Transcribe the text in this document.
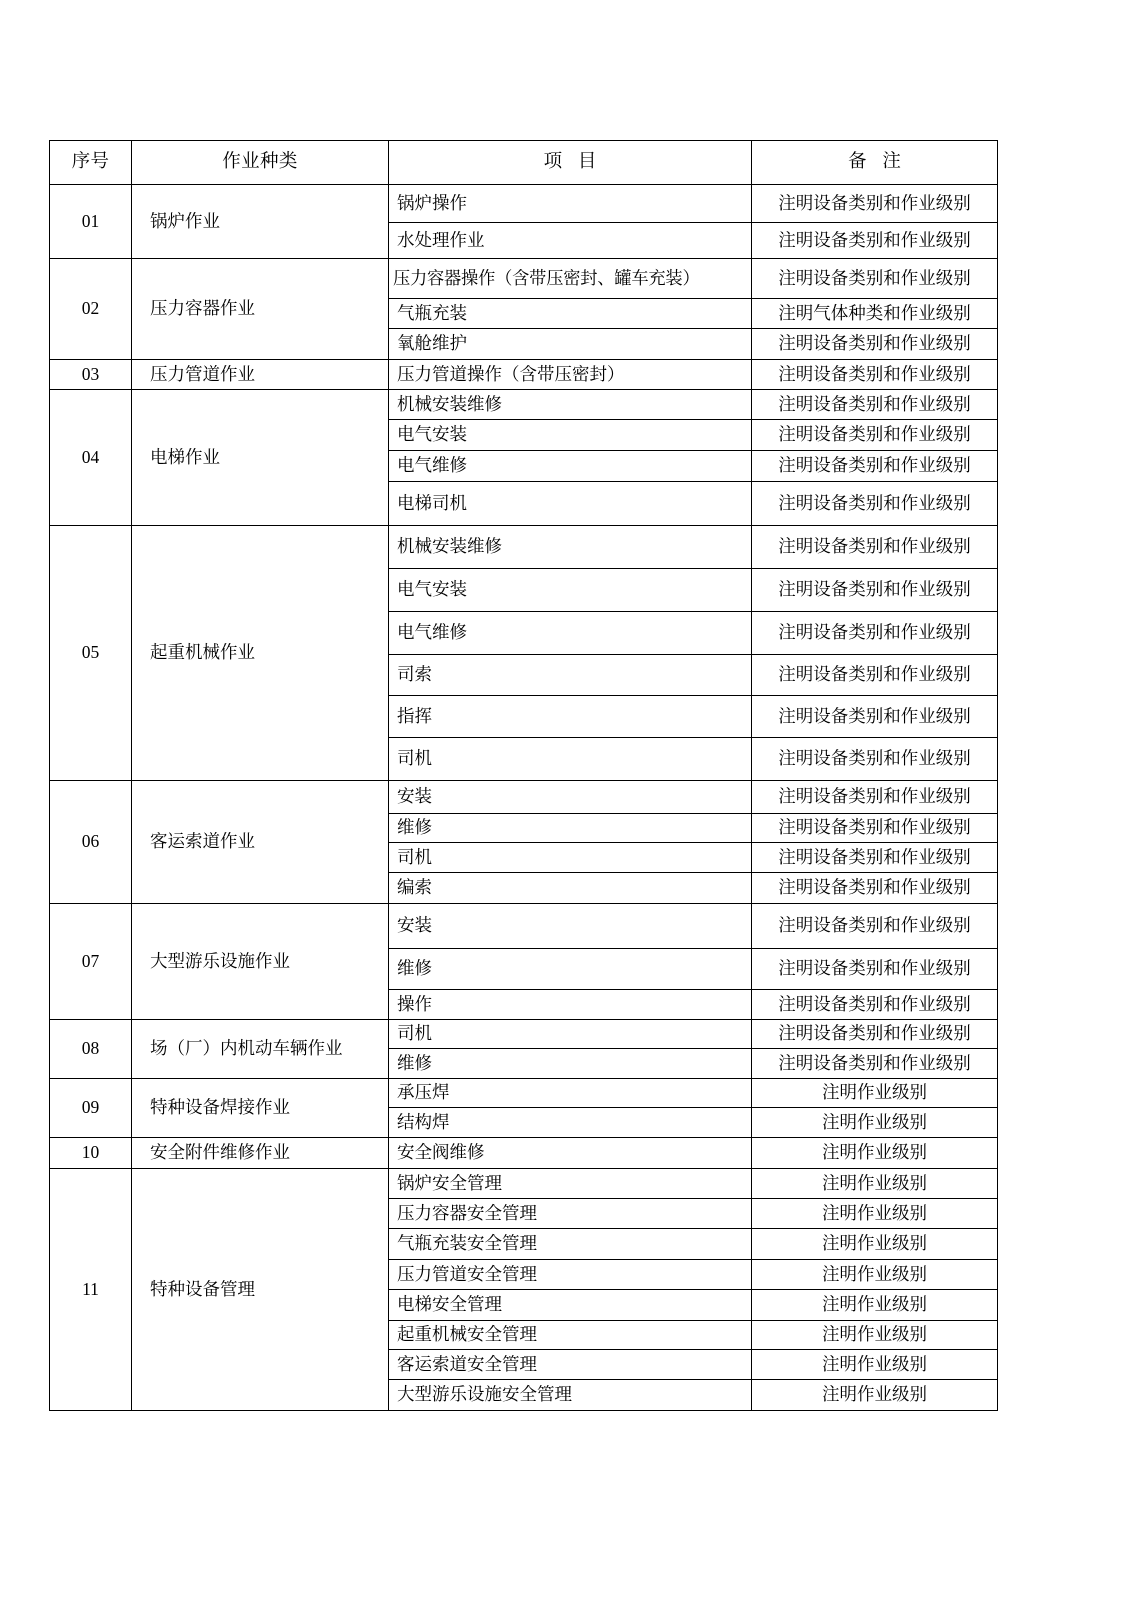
序号	作业种类	项 目	备 注

01	锅炉作业	锅炉操作	注明设备类别和作业级别

		水处理作业	注明设备类别和作业级别

02	压力容器作业	压力容器操作（含带压密封、罐车充装）	注明设备类别和作业级别

		气瓶充装	注明气体种类和作业级别

		氧舱维护	注明设备类别和作业级别

03	压力管道作业	压力管道操作（含带压密封）	注明设备类别和作业级别

04	电梯作业	机械安装维修	注明设备类别和作业级别

		电气安装	注明设备类别和作业级别

		电气维修	注明设备类别和作业级别

		电梯司机	注明设备类别和作业级别

05	起重机械作业	机械安装维修	注明设备类别和作业级别

		电气安装	注明设备类别和作业级别

		电气维修	注明设备类别和作业级别

		司索	注明设备类别和作业级别

		指挥	注明设备类别和作业级别

		司机	注明设备类别和作业级别

06	客运索道作业	安装	注明设备类别和作业级别

		维修	注明设备类别和作业级别

		司机	注明设备类别和作业级别

		编索	注明设备类别和作业级别

07	大型游乐设施作业	安装	注明设备类别和作业级别

		维修	注明设备类别和作业级别

		操作	注明设备类别和作业级别

08	场（厂）内机动车辆作业	司机	注明设备类别和作业级别

		维修	注明设备类别和作业级别

09	特种设备焊接作业	承压焊	注明作业级别

		结构焊	注明作业级别

10	安全附件维修作业	安全阀维修	注明作业级别

11	特种设备管理	锅炉安全管理	注明作业级别

		压力容器安全管理	注明作业级别

		气瓶充装安全管理	注明作业级别

		压力管道安全管理	注明作业级别

		电梯安全管理	注明作业级别

		起重机械安全管理	注明作业级别

		客运索道安全管理	注明作业级别

		大型游乐设施安全管理	注明作业级别
